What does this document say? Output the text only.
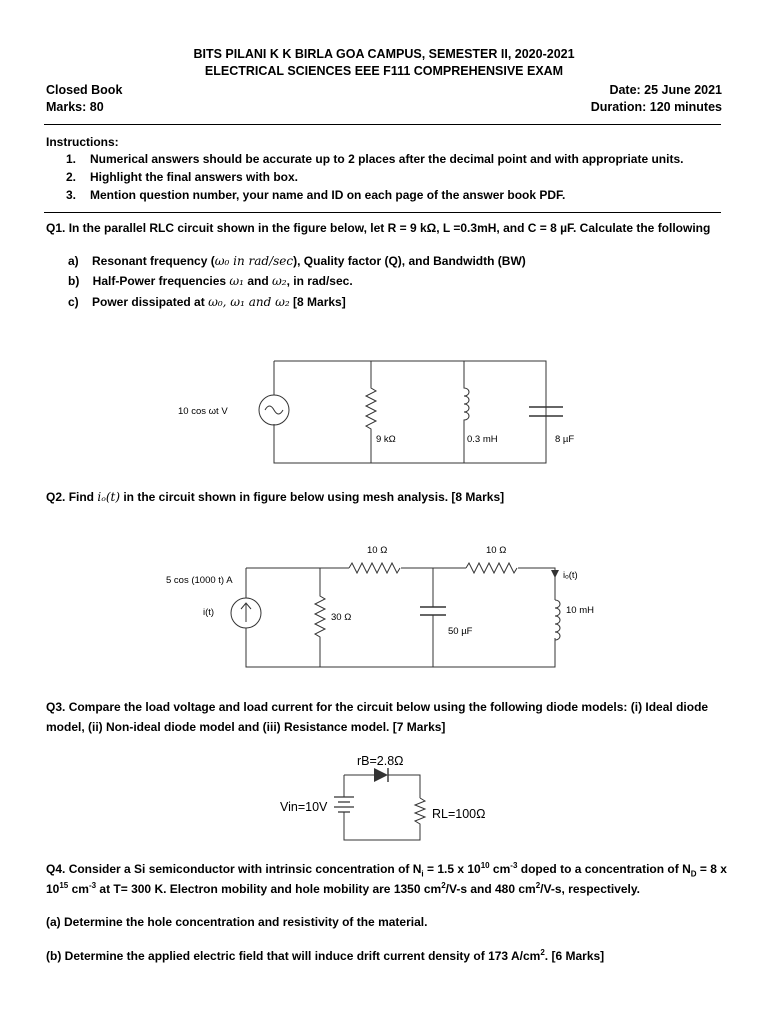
BITS PILANI K K BIRLA GOA CAMPUS, SEMESTER II, 2020-2021
ELECTRICAL SCIENCES EEE F111 COMPREHENSIVE EXAM
Closed Book
Marks: 80
Date: 25 June 2021
Duration: 120 minutes
Instructions:
1. Numerical answers should be accurate up to 2 places after the decimal point and with appropriate units.
2. Highlight the final answers with box.
3. Mention question number, your name and ID on each page of the answer book PDF.
Q1. In the parallel RLC circuit shown in the figure below, let R = 9 kΩ, L =0.3mH, and C = 8 µF. Calculate the following
a) Resonant frequency (ω₀ in rad/sec), Quality factor (Q), and Bandwidth (BW)
b) Half-Power frequencies ω₁ and ω₂, in rad/sec.
c) Power dissipated at ω₀, ω₁ and ω₂ [8 Marks]
10 cos ωt V
9 kΩ	0.3 mH	8 µF
Q2. Find iₒ(t) in the circuit shown in figure below using mesh analysis. [8 Marks]
5 cos (1000 t) A
i(t)
10 Ω	10 Ω
30 Ω
50 µF
10 mH
iₒ(t)
Q3. Compare the load voltage and load current for the circuit below using the following diode models: (i) Ideal diode
model, (ii) Non-ideal diode model and (iii) Resistance model. [7 Marks]
rB=2.8Ω
Vin=10V	RL=100Ω
Q4. Consider a Si semiconductor with intrinsic concentration of $N_i = 1.5$ x $10^{10}$ $cm^{-3}$ doped to a concentration of $N_D = 8$ x
$10^{15}$ $cm^{-3}$ at T= 300 K. Electron mobility and hole mobility are 1350 $cm^2/V-s$ and 480 $cm^2/V-s$, respectively.
(a) Determine the hole concentration and resistivity of the material.
(b) Determine the applied electric field that will induce drift current density of 173 $A/cm^2$. [6 Marks]
